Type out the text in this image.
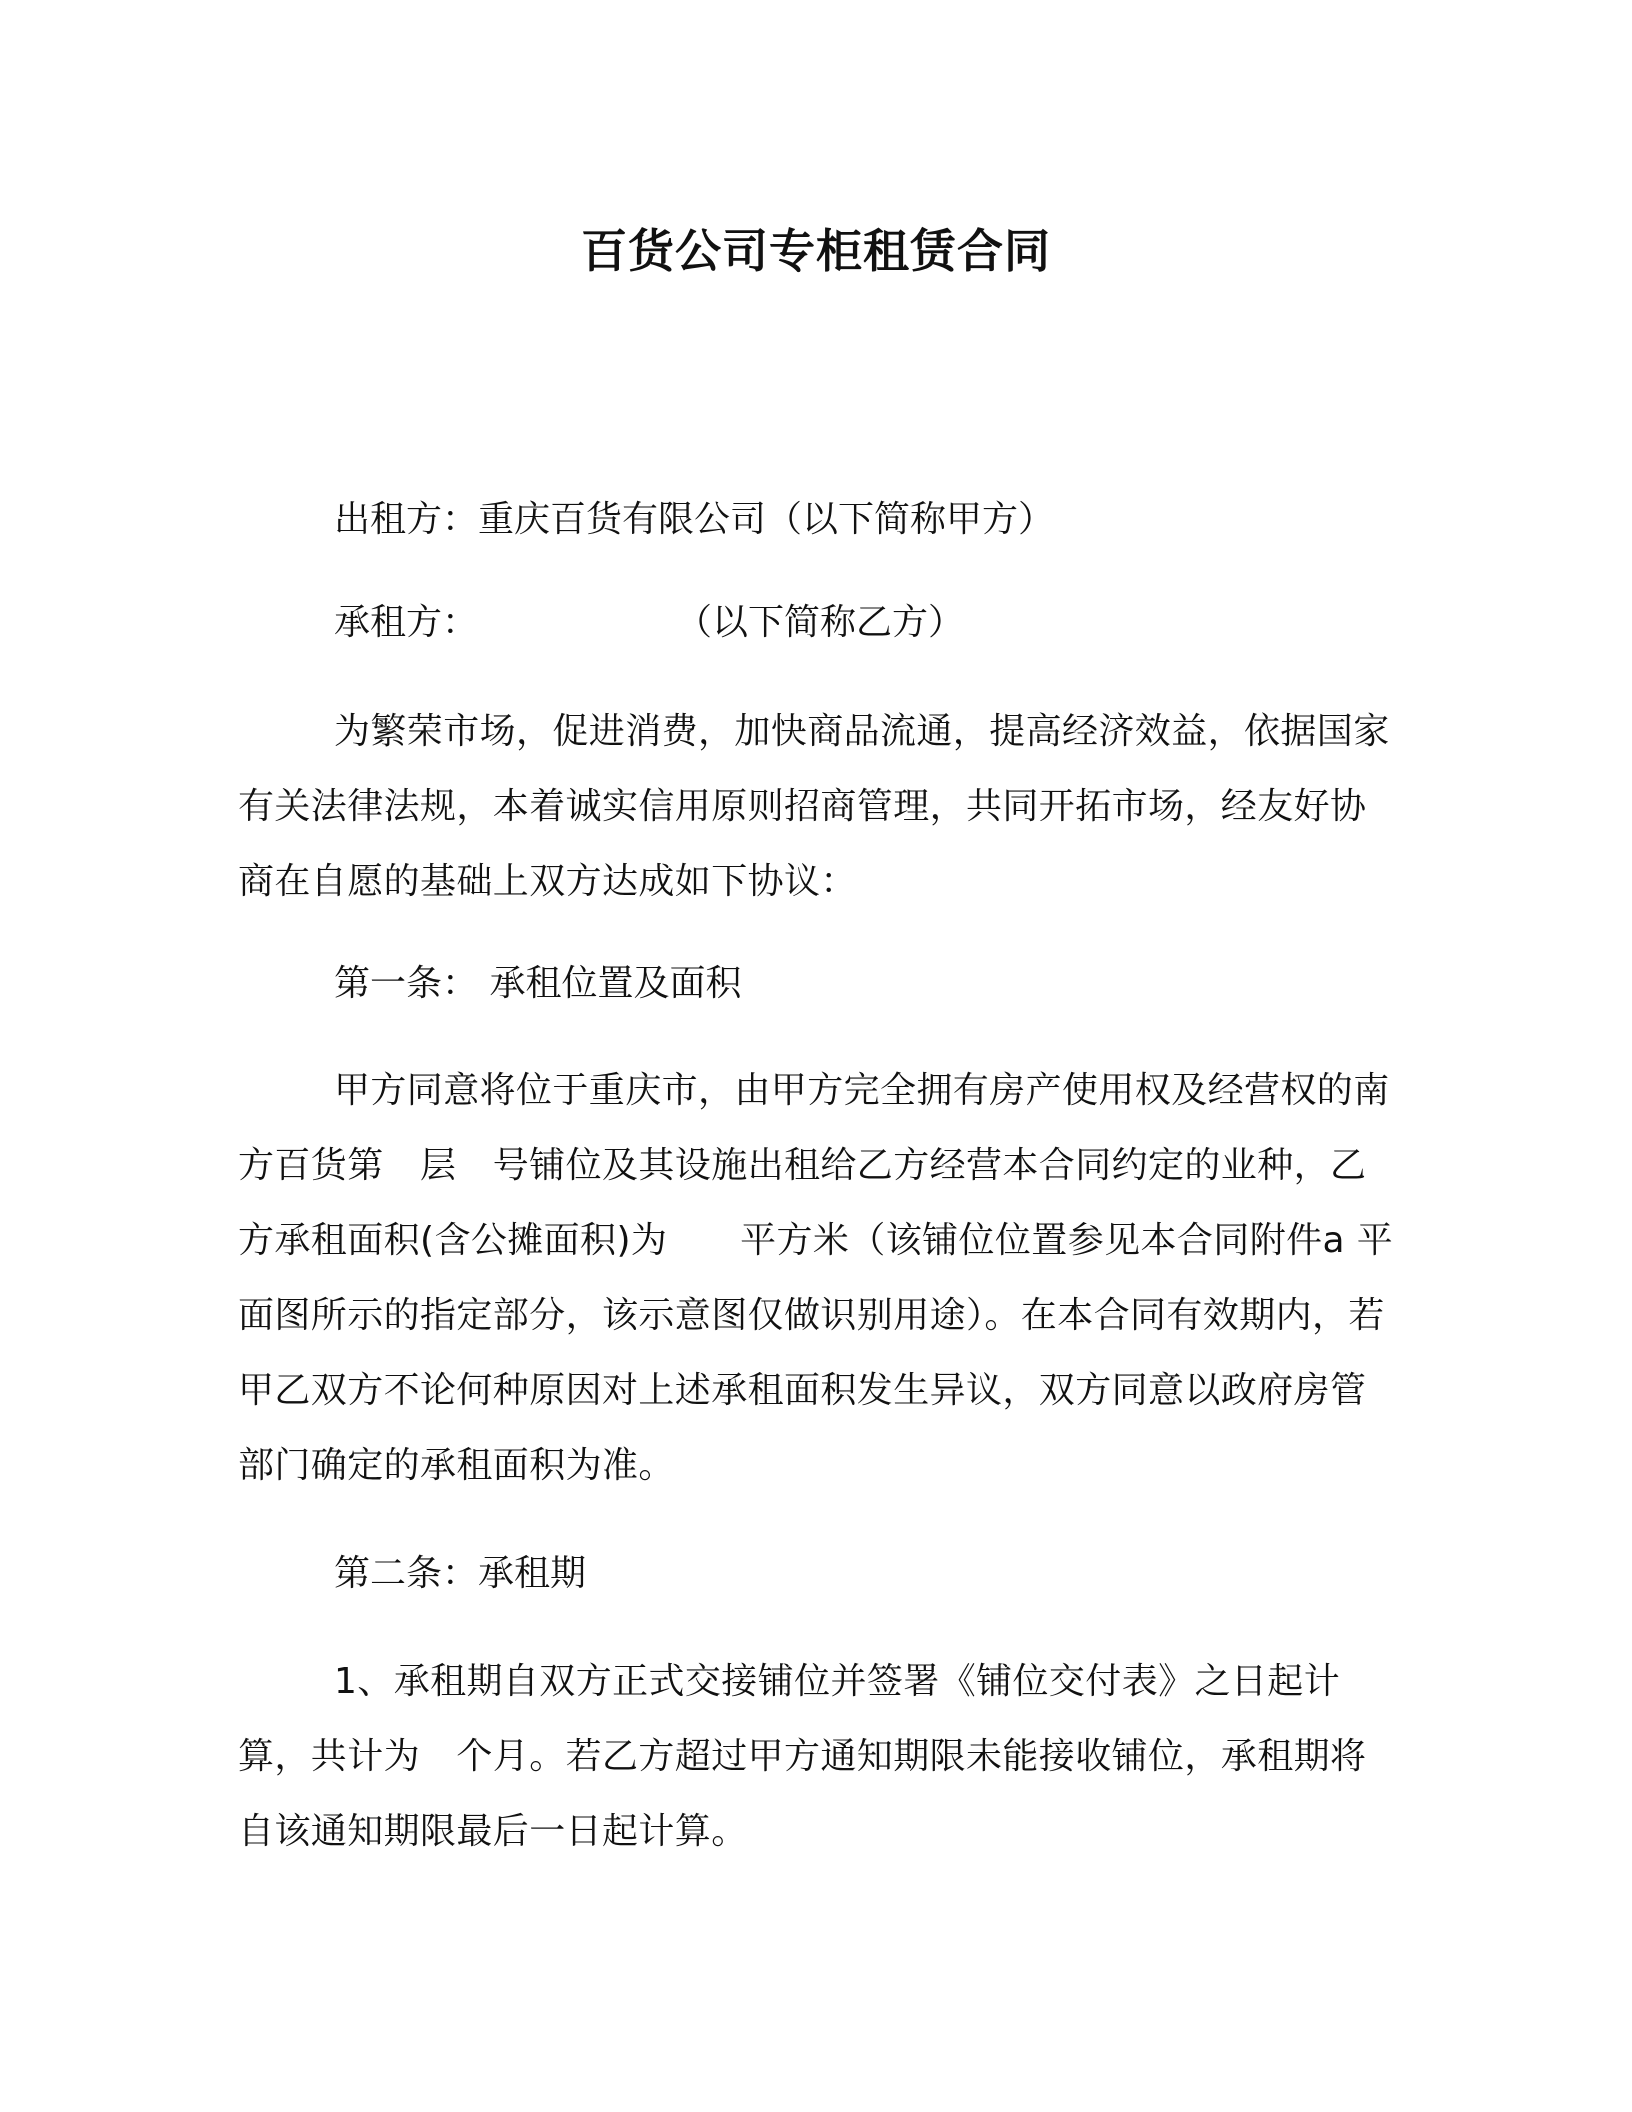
百货公司专柜租赁合同
出租方：重庆百货有限公司（以下简称甲方）
承租方：	（以下简称乙方）
为繁荣市场，促进消费，加快商品流通，提高经济效益，依据国家有关法律法规，本着诚实信用原则招商管理，共同开拓市场，经友好协商在自愿的基础上双方达成如下协议：
第一条： 承租位置及面积
甲方同意将位于重庆市，由甲方完全拥有房产使用权及经营权的南方百货第　层　号铺位及其设施出租给乙方经营本合同约定的业种，乙方承租面积(含公摊面积)为　　平方米（该铺位位置参见本合同附件a 平面图所示的指定部分，该示意图仅做识别用途）。在本合同有效期内，若甲乙双方不论何种原因对上述承租面积发生异议，双方同意以政府房管部门确定的承租面积为准。
第二条：承租期
1、承租期自双方正式交接铺位并签署《铺位交付表》之日起计算，共计为　个月。若乙方超过甲方通知期限未能接收铺位，承租期将自该通知期限最后一日起计算。
